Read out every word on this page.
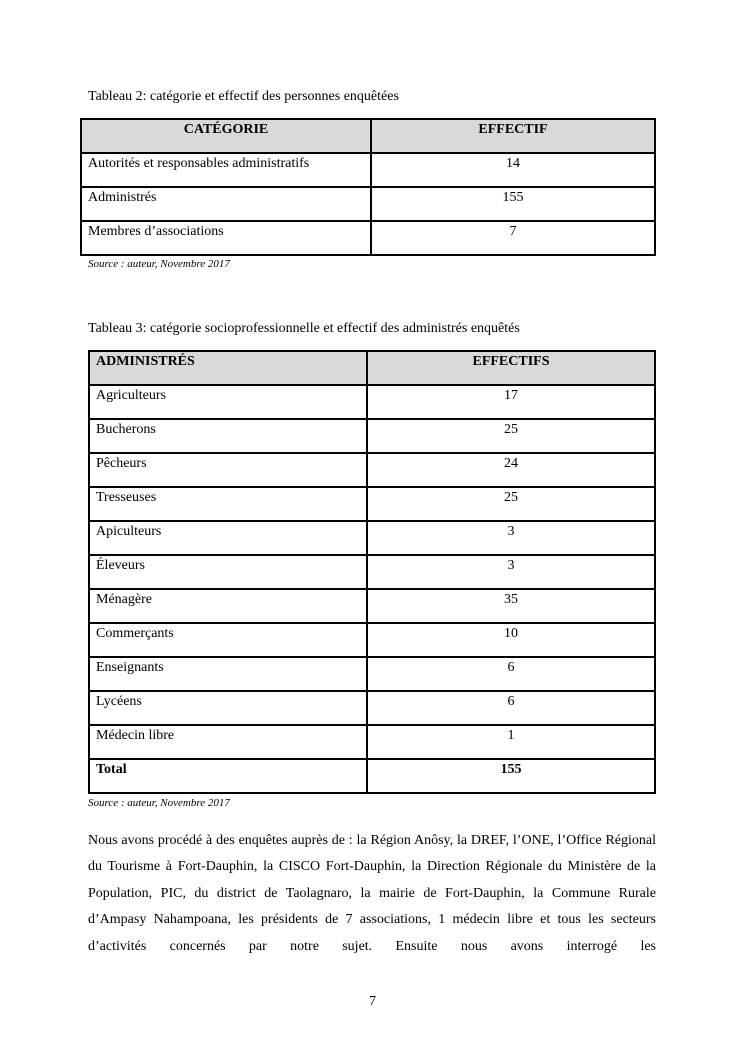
Tableau 2: catégorie et effectif des personnes enquêtées
CATÉGORIE	EFFECTIF
Autorités et responsables administratifs	14
Administrés	155
Membres d’associations	7
Source : auteur, Novembre 2017
Tableau 3: catégorie socioprofessionnelle et effectif des administrés enquêtés
ADMINISTRÉS	EFFECTIFS
Agriculteurs	17
Bucherons	25
Pêcheurs	24
Tresseuses	25
Apiculteurs	3
Éleveurs	3
Ménagère	35
Commerçants	10
Enseignants	6
Lycéens	6
Médecin libre	1
Total	155
Source : auteur, Novembre 2017
Nous avons procédé à des enquêtes auprès de : la Région Anôsy, la DREF, l’ONE, l’Office Régional du Tourisme à Fort-Dauphin, la CISCO Fort-Dauphin, la Direction Régionale du Ministère de la Population, PIC, du district de Taolagnaro, la mairie de Fort-Dauphin, la Commune Rurale d’Ampasy Nahampoana, les présidents de 7 associations, 1 médecin libre et tous les secteurs d’activités concernés par notre sujet. Ensuite nous avons interrogé les
7
